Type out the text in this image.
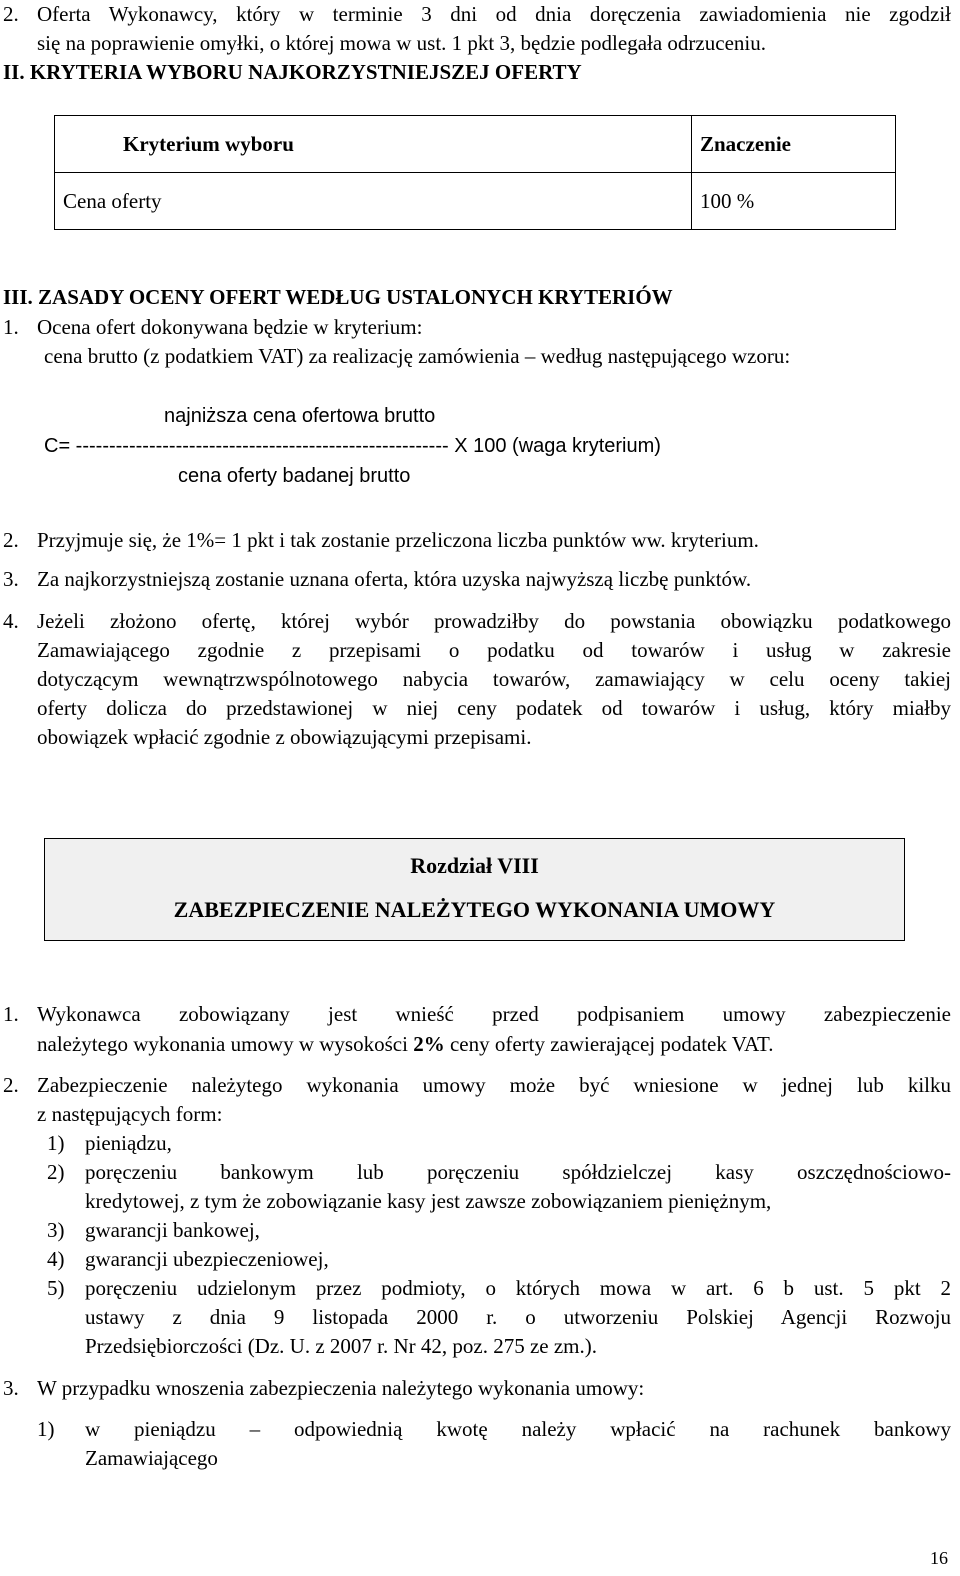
2. Oferta Wykonawcy, który w terminie 3 dni od dnia doręczenia zawiadomienia nie zgodził
się na poprawienie omyłki, o której mowa w ust. 1 pkt 3, będzie podlegała odrzuceniu.
II. KRYTERIA WYBORU NAJKORZYSTNIEJSZEJ OFERTY
Kryterium wyboru	Znaczenie
Cena oferty	100 %
III. ZASADY OCENY OFERT WEDŁUG USTALONYCH KRYTERIÓW
1. Ocena ofert dokonywana będzie w kryterium:
cena brutto (z podatkiem VAT) za realizację zamówienia – według następującego wzoru:
najniższa cena ofertowa brutto
C= -------------------------------------------------------- X 100 (waga kryterium)
cena oferty badanej brutto
2. Przyjmuje się, że 1%= 1 pkt i tak zostanie przeliczona liczba punktów ww. kryterium.
3. Za najkorzystniejszą zostanie uznana oferta, która uzyska najwyższą liczbę punktów.
4. Jeżeli złożono ofertę, której wybór prowadziłby do powstania obowiązku podatkowego
Zamawiającego zgodnie z przepisami o podatku od towarów i usług w zakresie
dotyczącym wewnątrzwspólnotowego nabycia towarów, zamawiający w celu oceny takiej
oferty dolicza do przedstawionej w niej ceny podatek od towarów i usług, który miałby
obowiązek wpłacić zgodnie z obowiązującymi przepisami.
Rozdział VIII
ZABEZPIECZENIE NALEŻYTEGO WYKONANIA UMOWY
1. Wykonawca zobowiązany jest wnieść przed podpisaniem umowy zabezpieczenie
należytego wykonania umowy w wysokości 2% ceny oferty zawierającej podatek VAT.
2. Zabezpieczenie należytego wykonania umowy może być wniesione w jednej lub kilku
z następujących form:
1) pieniądzu,
2) poręczeniu bankowym lub poręczeniu spółdzielczej kasy oszczędnościowo-
kredytowej, z tym że zobowiązanie kasy jest zawsze zobowiązaniem pieniężnym,
3) gwarancji bankowej,
4) gwarancji ubezpieczeniowej,
5) poręczeniu udzielonym przez podmioty, o których mowa w art. 6 b ust. 5 pkt 2
ustawy z dnia 9 listopada 2000 r. o utworzeniu Polskiej Agencji Rozwoju
Przedsiębiorczości (Dz. U. z 2007 r. Nr 42, poz. 275 ze zm.).
3. W przypadku wnoszenia zabezpieczenia należytego wykonania umowy:
1) w pieniądzu – odpowiednią kwotę należy wpłacić na rachunek bankowy
Zamawiającego
16
